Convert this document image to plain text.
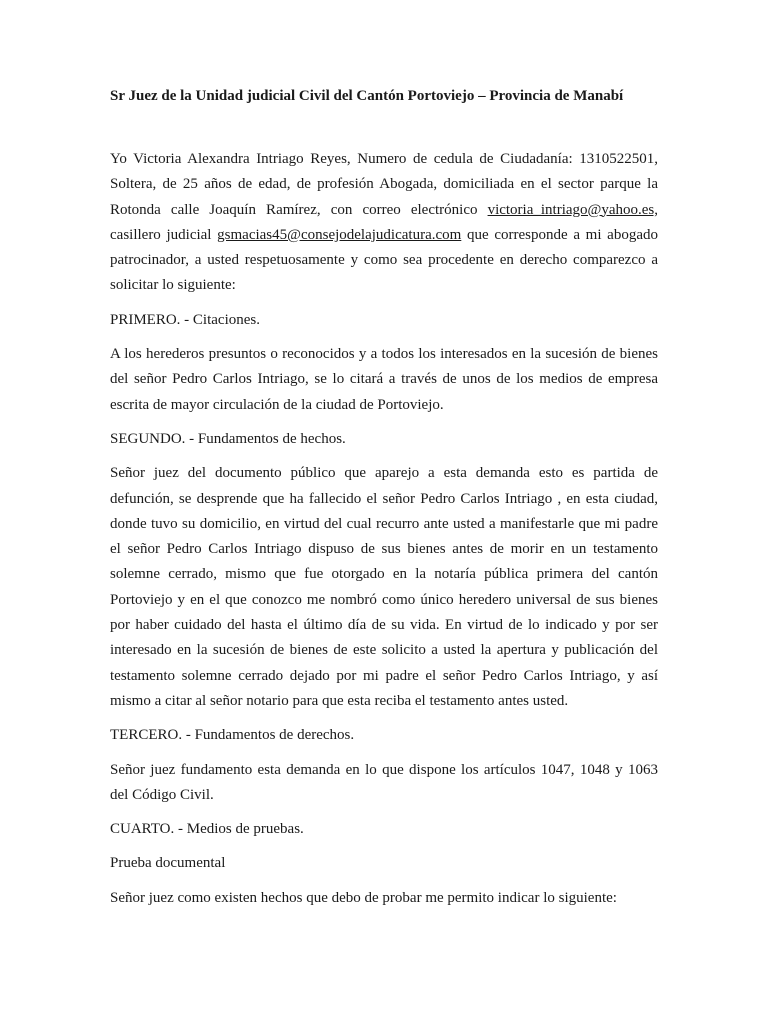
Sr Juez de la Unidad judicial Civil del Cantón Portoviejo – Provincia de Manabí

Yo Victoria Alexandra Intriago Reyes, Numero de cedula de Ciudadanía: 1310522501, Soltera, de 25 años de edad, de profesión Abogada, domiciliada en el sector parque la Rotonda calle Joaquín Ramírez, con correo electrónico victoria_intriago@yahoo.es, casillero judicial gsmacias45@consejodelajudicatura.com que corresponde a mi abogado patrocinador, a usted respetuosamente y como sea procedente en derecho comparezco a solicitar lo siguiente:

PRIMERO. - Citaciones.

A los herederos presuntos o reconocidos y a todos los interesados en la sucesión de bienes del señor Pedro Carlos Intriago, se lo citará a través de unos de los medios de empresa escrita de mayor circulación de la ciudad de Portoviejo.

SEGUNDO. - Fundamentos de hechos.

Señor juez del documento público que aparejo a esta demanda esto es partida de defunción, se desprende que ha fallecido el señor Pedro Carlos Intriago , en esta ciudad, donde tuvo su domicilio, en virtud del cual recurro ante usted a manifestarle que mi padre el señor Pedro Carlos Intriago dispuso de sus bienes antes de morir en un testamento solemne cerrado, mismo que fue otorgado en la notaría pública primera del cantón Portoviejo y en el que conozco me nombró como único heredero universal de sus bienes por haber cuidado del hasta el último día de su vida. En virtud de lo indicado y por ser interesado en la sucesión de bienes de este solicito a usted la apertura y publicación del testamento solemne cerrado dejado por mi padre el señor Pedro Carlos Intriago, y así mismo a citar al señor notario para que esta reciba el testamento antes usted.

TERCERO. - Fundamentos de derechos.

Señor juez fundamento esta demanda en lo que dispone los artículos 1047, 1048 y 1063 del Código Civil.

CUARTO. - Medios de pruebas.

Prueba documental

Señor juez como existen hechos que debo de probar me permito indicar lo siguiente:
